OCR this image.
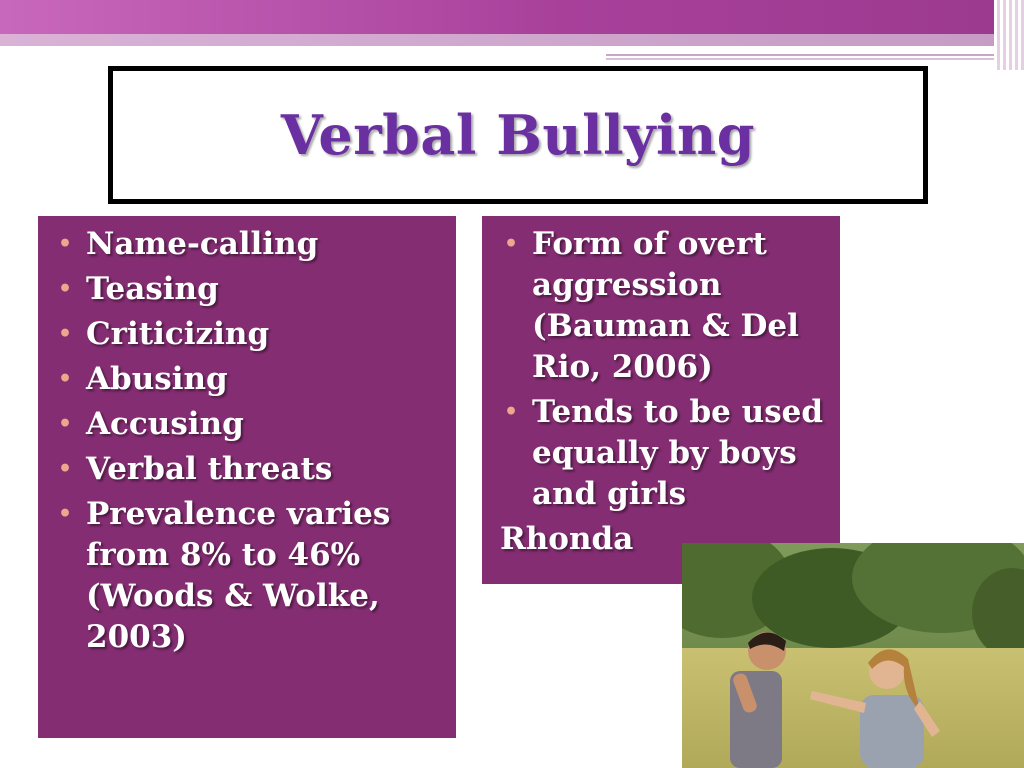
Verbal Bullying
• Name-calling
• Teasing
• Criticizing
• Abusing
• Accusing
• Verbal threats
• Prevalence varies from 8% to 46% (Woods & Wolke, 2003)
• Form of overt aggression (Bauman & Del Rio, 2006)
• Tends to be used equally by boys and girls
Rhonda
